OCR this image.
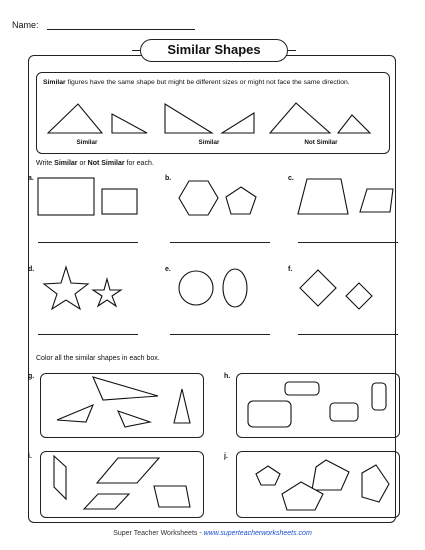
Name:
Similar Shapes
Similar figures have the same shape but might be different sizes or might not face the same direction.
Similar	Similar	Not Similar
Write Similar or Not Similar for each.
a.	b.	c.
d.	e.	f.
Color all the similar shapes in each box.
g.	h.
i.	j.
Super Teacher Worksheets - www.superteacherworksheets.com
